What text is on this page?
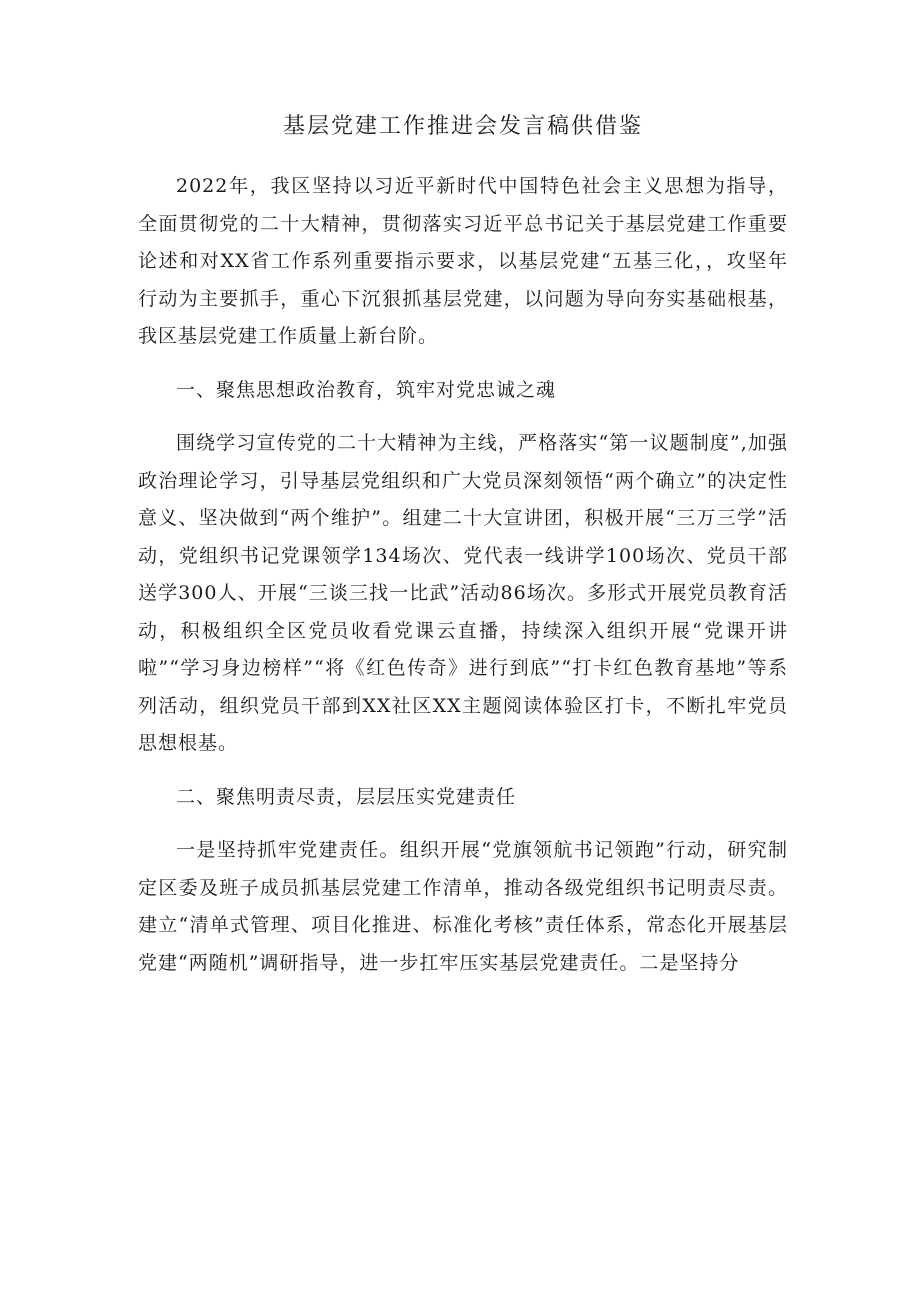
基层党建工作推进会发言稿供借鉴

2022年，我区坚持以习近平新时代中国特色社会主义思想为指导，全面贯彻党的二十大精神，贯彻落实习近平总书记关于基层党建工作重要论述和对XX省工作系列重要指示要求，以基层党建“五基三化，，攻坚年行动为主要抓手，重心下沉狠抓基层党建，以问题为导向夯实基础根基，我区基层党建工作质量上新台阶。

一、聚焦思想政治教育，筑牢对党忠诚之魂

围绕学习宣传党的二十大精神为主线，严格落实“第一议题制度”,加强政治理论学习，引导基层党组织和广大党员深刻领悟“两个确立”的决定性意义、坚决做到“两个维护”。组建二十大宣讲团，积极开展“三万三学”活动，党组织书记党课领学134场次、党代表一线讲学100场次、党员干部送学300人、开展“三谈三找一比武”活动86场次。多形式开展党员教育活动，积极组织全区党员收看党课云直播，持续深入组织开展“党课开讲啦”“学习身边榜样”“将《红色传奇》进行到底”“打卡红色教育基地”等系列活动，组织党员干部到XX社区XX主题阅读体验区打卡，不断扎牢党员思想根基。

二、聚焦明责尽责，层层压实党建责任

一是坚持抓牢党建责任。组织开展“党旗领航书记领跑”行动，研究制定区委及班子成员抓基层党建工作清单，推动各级党组织书记明责尽责。建立“清单式管理、项目化推进、标准化考核”责任体系，常态化开展基层党建“两随机”调研指导，进一步扛牢压实基层党建责任。二是坚持分
